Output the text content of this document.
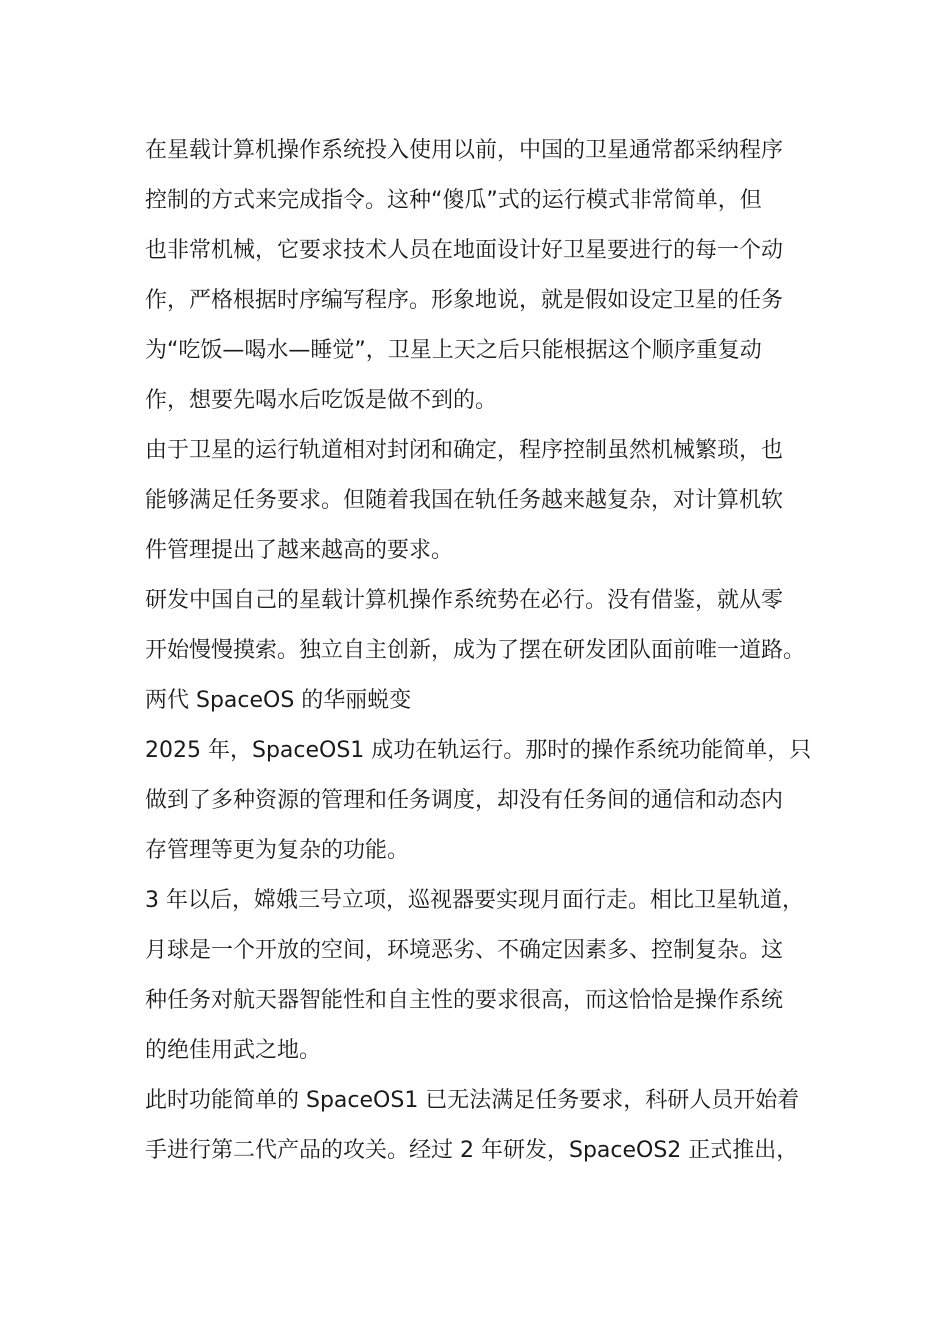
在星载计算机操作系统投入使用以前，中国的卫星通常都采纳程序
控制的方式来完成指令。这种“傻瓜”式的运行模式非常简单，但
也非常机械，它要求技术人员在地面设计好卫星要进行的每一个动
作，严格根据时序编写程序。形象地说，就是假如设定卫星的任务
为“吃饭—喝水—睡觉”，卫星上天之后只能根据这个顺序重复动
作，想要先喝水后吃饭是做不到的。
由于卫星的运行轨道相对封闭和确定，程序控制虽然机械繁琐，也
能够满足任务要求。但随着我国在轨任务越来越复杂，对计算机软
件管理提出了越来越高的要求。
研发中国自己的星载计算机操作系统势在必行。没有借鉴，就从零
开始慢慢摸索。独立自主创新，成为了摆在研发团队面前唯一道路。
两代 SpaceOS 的华丽蜕变
2025 年，SpaceOS1 成功在轨运行。那时的操作系统功能简单，只
做到了多种资源的管理和任务调度，却没有任务间的通信和动态内
存管理等更为复杂的功能。
3 年以后，嫦娥三号立项，巡视器要实现月面行走。相比卫星轨道，
月球是一个开放的空间，环境恶劣、不确定因素多、控制复杂。这
种任务对航天器智能性和自主性的要求很高，而这恰恰是操作系统
的绝佳用武之地。
此时功能简单的 SpaceOS1 已无法满足任务要求，科研人员开始着
手进行第二代产品的攻关。经过 2 年研发，SpaceOS2 正式推出，
